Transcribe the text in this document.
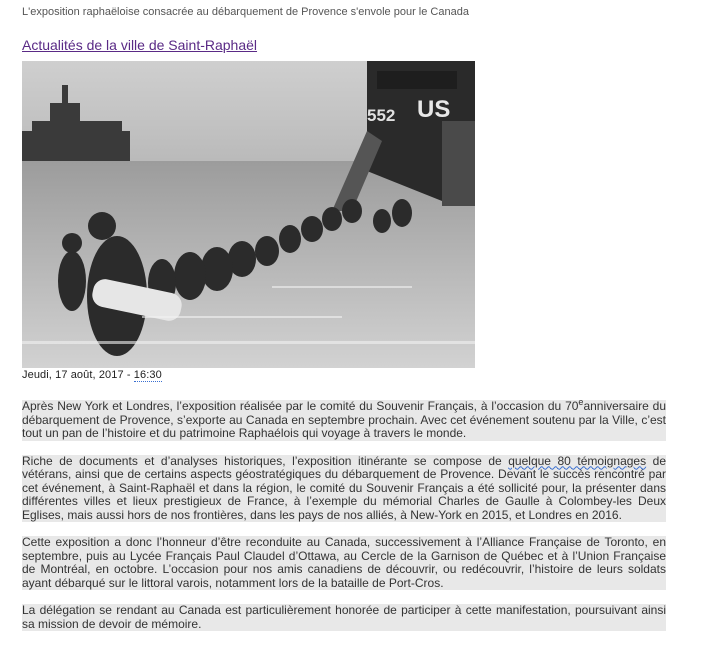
L'exposition raphaëloise consacrée au débarquement de Provence s'envole pour le Canada
Actualités de la ville de Saint-Raphaël
552 US
Jeudi, 17 août, 2017 - 16:30

Après New York et Londres, l’exposition réalisée par le comité du Souvenir Français, à l’occasion du 70eanniversaire du débarquement de Provence, s’exporte au Canada en septembre prochain. Avec cet événement soutenu par la Ville, c’est tout un pan de l’histoire et du patrimoine Raphaélois qui voyage à travers le monde.

Riche de documents et d’analyses historiques, l’exposition itinérante se compose de quelque 80 témoignages de vétérans, ainsi que de certains aspects géostratégiques du débarquement de Provence. Devant le succès rencontré par cet événement, à Saint-Raphaël et dans la région, le comité du Souvenir Français a été sollicité pour, la présenter dans différentes villes et lieux prestigieux de France, à l’exemple du mémorial Charles de Gaulle à Colombey-les Deux Eglises, mais aussi hors de nos frontières, dans les pays de nos alliés, à New-York en 2015, et Londres en 2016.

Cette exposition a donc l’honneur d’être reconduite au Canada, successivement à l’Alliance Française de Toronto, en septembre, puis au Lycée Français Paul Claudel d’Ottawa, au Cercle de la Garnison de Québec et à l’Union Française de Montréal, en octobre. L’occasion pour nos amis canadiens de découvrir, ou redécouvrir, l’histoire de leurs soldats ayant débarqué sur le littoral varois, notamment lors de la bataille de Port-Cros.

La délégation se rendant au Canada est particulièrement honorée de participer à cette manifestation, poursuivant ainsi sa mission de devoir de mémoire.
